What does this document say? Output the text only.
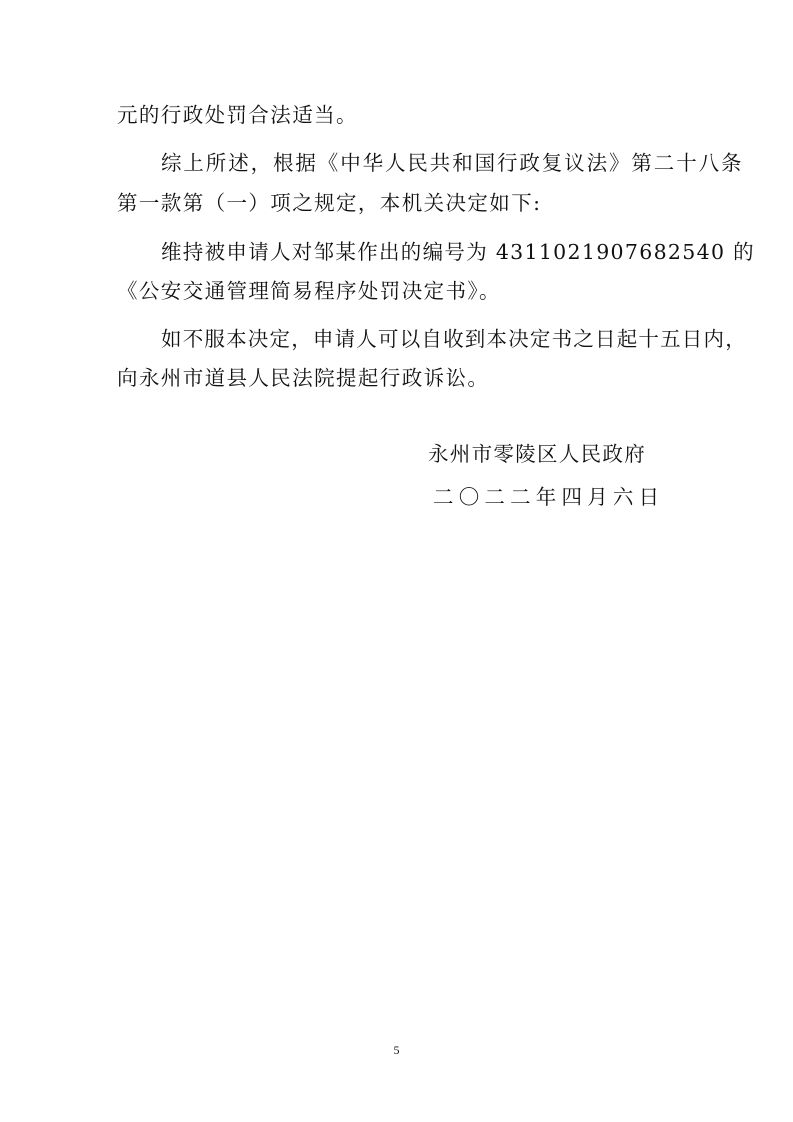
元的行政处罚合法适当。
综上所述，根据《中华人民共和国行政复议法》第二十八条
第一款第（一）项之规定，本机关决定如下:
维持被申请人对邹某作出的编号为 4311021907682540 的
《公安交通管理简易程序处罚决定书》。
如不服本决定，申请人可以自收到本决定书之日起十五日内，
向永州市道县人民法院提起行政诉讼。
永州市零陵区人民政府
二〇二二年四月六日
5
